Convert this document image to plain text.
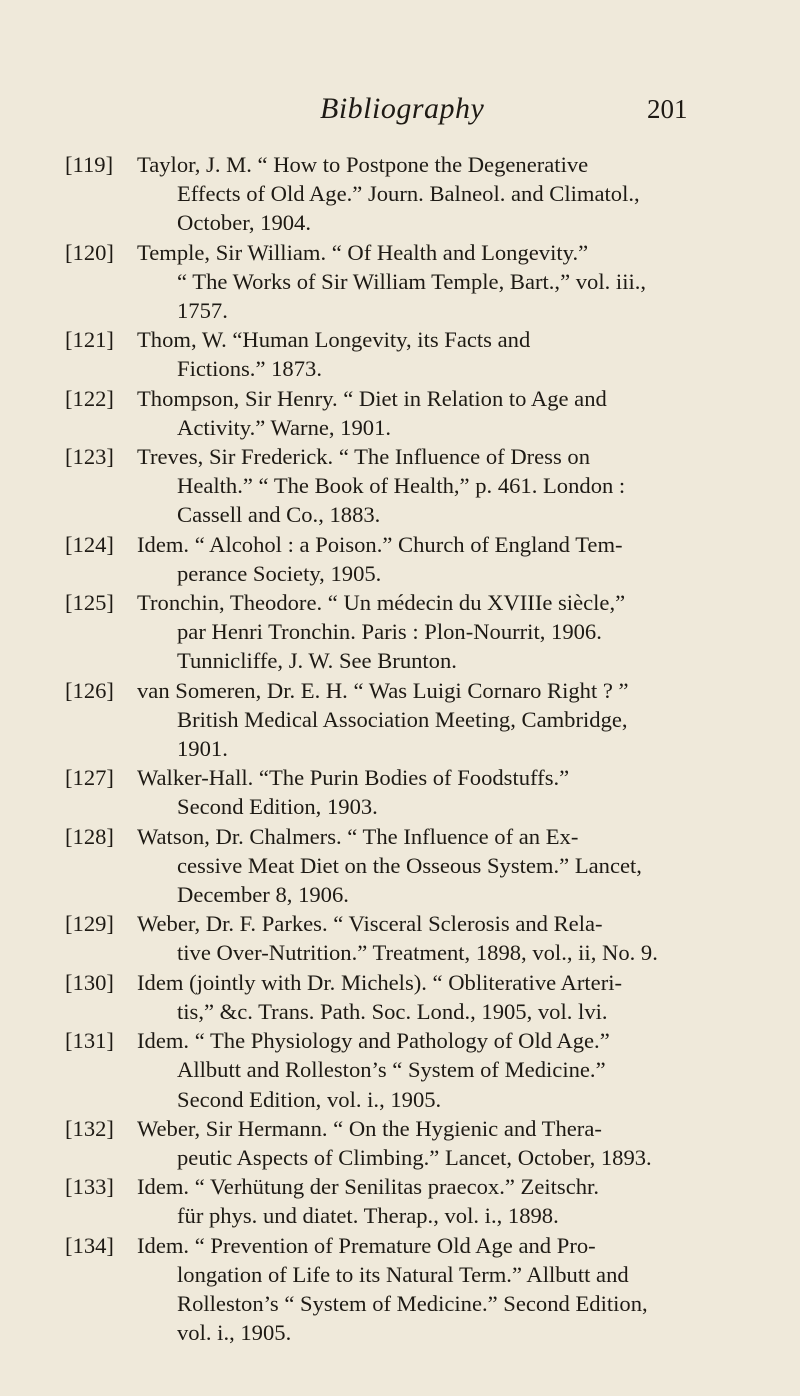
Bibliography	201
[119]	Taylor, J. M. “ How to Postpone the Degenerative
Effects of Old Age.” Journ. Balneol. and Climatol.,
October, 1904.
[120]	Temple, Sir William. “ Of Health and Longevity.”
“ The Works of Sir William Temple, Bart.,” vol. iii.,
1757.
[121]	Thom, W. “Human Longevity, its Facts and
Fictions.” 1873.
[122]	Thompson, Sir Henry. “ Diet in Relation to Age and
Activity.” Warne, 1901.
[123]	Treves, Sir Frederick. “ The Influence of Dress on
Health.” “ The Book of Health,” p. 461. London :
Cassell and Co., 1883.
[124]	Idem. “ Alcohol : a Poison.” Church of England Tem-
perance Society, 1905.
[125]	Tronchin, Theodore. “ Un médecin du XVIIIe siècle,”
par Henri Tronchin. Paris : Plon-Nourrit, 1906.
Tunnicliffe, J. W. See Brunton.
[126]	van Someren, Dr. E. H. “ Was Luigi Cornaro Right ? ”
British Medical Association Meeting, Cambridge,
1901.
[127]	Walker-Hall. “The Purin Bodies of Foodstuffs.”
Second Edition, 1903.
[128]	Watson, Dr. Chalmers. “ The Influence of an Ex-
cessive Meat Diet on the Osseous System.” Lancet,
December 8, 1906.
[129]	Weber, Dr. F. Parkes. “ Visceral Sclerosis and Rela-
tive Over-Nutrition.” Treatment, 1898, vol., ii, No. 9.
[130]	Idem (jointly with Dr. Michels). “ Obliterative Arteri-
tis,” &c. Trans. Path. Soc. Lond., 1905, vol. lvi.
[131]	Idem. “ The Physiology and Pathology of Old Age.”
Allbutt and Rolleston’s “ System of Medicine.”
Second Edition, vol. i., 1905.
[132]	Weber, Sir Hermann. “ On the Hygienic and Thera-
peutic Aspects of Climbing.” Lancet, October, 1893.
[133]	Idem. “ Verhütung der Senilitas praecox.” Zeitschr.
für phys. und diatet. Therap., vol. i., 1898.
[134]	Idem. “ Prevention of Premature Old Age and Pro-
longation of Life to its Natural Term.” Allbutt and
Rolleston’s “ System of Medicine.” Second Edition,
vol. i., 1905.
